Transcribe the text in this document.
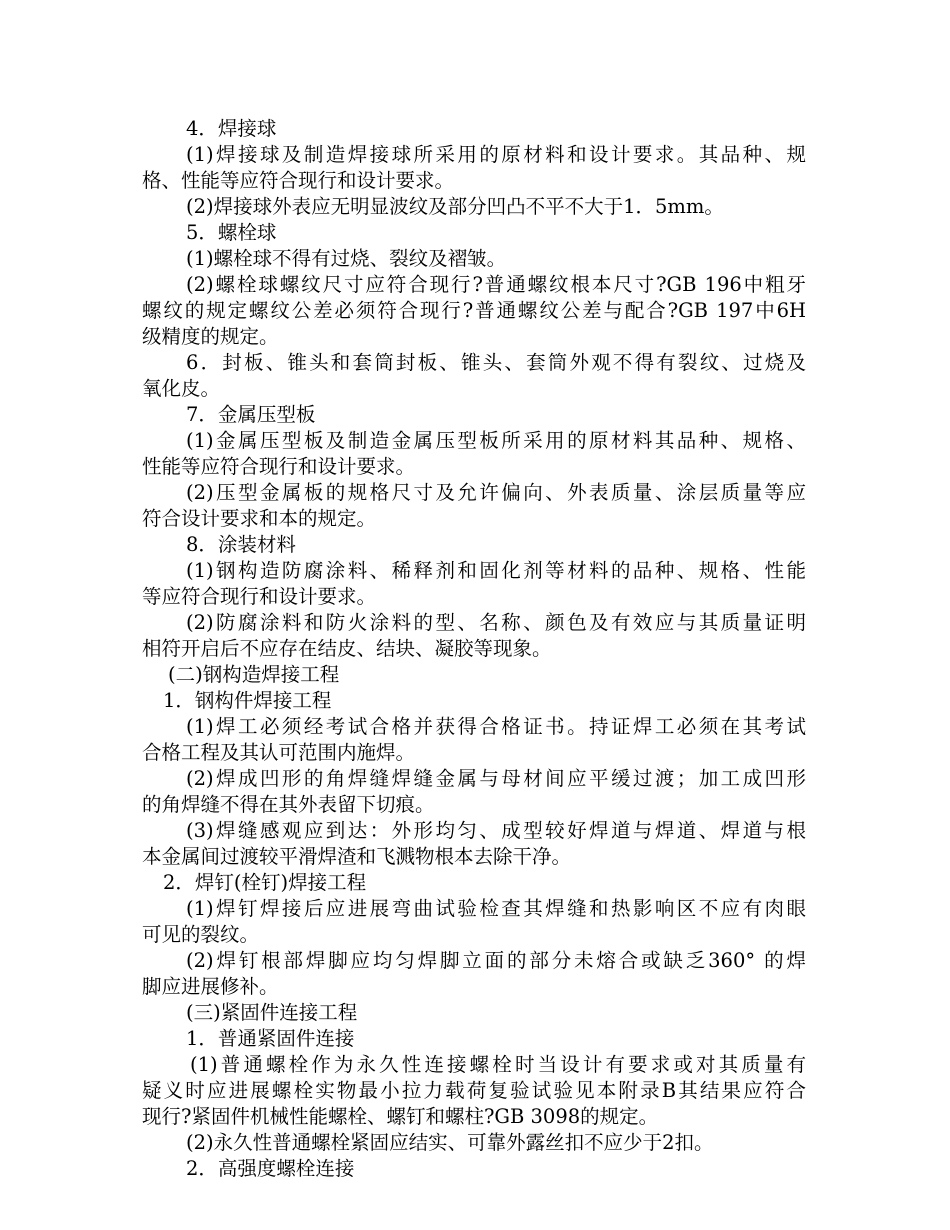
4．焊接球
(1)焊接球及制造焊接球所采用的原材料和设计要求。其品种、规
格、性能等应符合现行和设计要求。
(2)焊接球外表应无明显波纹及部分凹凸不平不大于1．5mm。
5．螺栓球
(1)螺栓球不得有过烧、裂纹及褶皱。
(2)螺栓球螺纹尺寸应符合现行?普通螺纹根本尺寸?GB 196中粗牙
螺纹的规定螺纹公差必须符合现行?普通螺纹公差与配合?GB 197中6H
级精度的规定。
6．封板、锥头和套筒封板、锥头、套筒外观不得有裂纹、过烧及
氧化皮。
7．金属压型板
(1)金属压型板及制造金属压型板所采用的原材料其品种、规格、
性能等应符合现行和设计要求。
(2)压型金属板的规格尺寸及允许偏向、外表质量、涂层质量等应
符合设计要求和本的规定。
8．涂装材料
(1)钢构造防腐涂料、稀释剂和固化剂等材料的品种、规格、性能
等应符合现行和设计要求。
(2)防腐涂料和防火涂料的型、名称、颜色及有效应与其质量证明
相符开启后不应存在结皮、结块、凝胶等现象。
(二)钢构造焊接工程
1．钢构件焊接工程
(1)焊工必须经考试合格并获得合格证书。持证焊工必须在其考试
合格工程及其认可范围内施焊。
(2)焊成凹形的角焊缝焊缝金属与母材间应平缓过渡；加工成凹形
的角焊缝不得在其外表留下切痕。
(3)焊缝感观应到达：外形均匀、成型较好焊道与焊道、焊道与根
本金属间过渡较平滑焊渣和飞溅物根本去除干净。
2．焊钉(栓钉)焊接工程
(1)焊钉焊接后应进展弯曲试验检查其焊缝和热影响区不应有肉眼
可见的裂纹。
(2)焊钉根部焊脚应均匀焊脚立面的部分未熔合或缺乏360° 的焊
脚应进展修补。
(三)紧固件连接工程
1．普通紧固件连接
(1)普通螺栓作为永久性连接螺栓时当设计有要求或对其质量有
疑义时应进展螺栓实物最小拉力载荷复验试验见本附录B其结果应符合
现行?紧固件机械性能螺栓、螺钉和螺柱?GB 3098的规定。
(2)永久性普通螺栓紧固应结实、可靠外露丝扣不应少于2扣。
2．高强度螺栓连接
